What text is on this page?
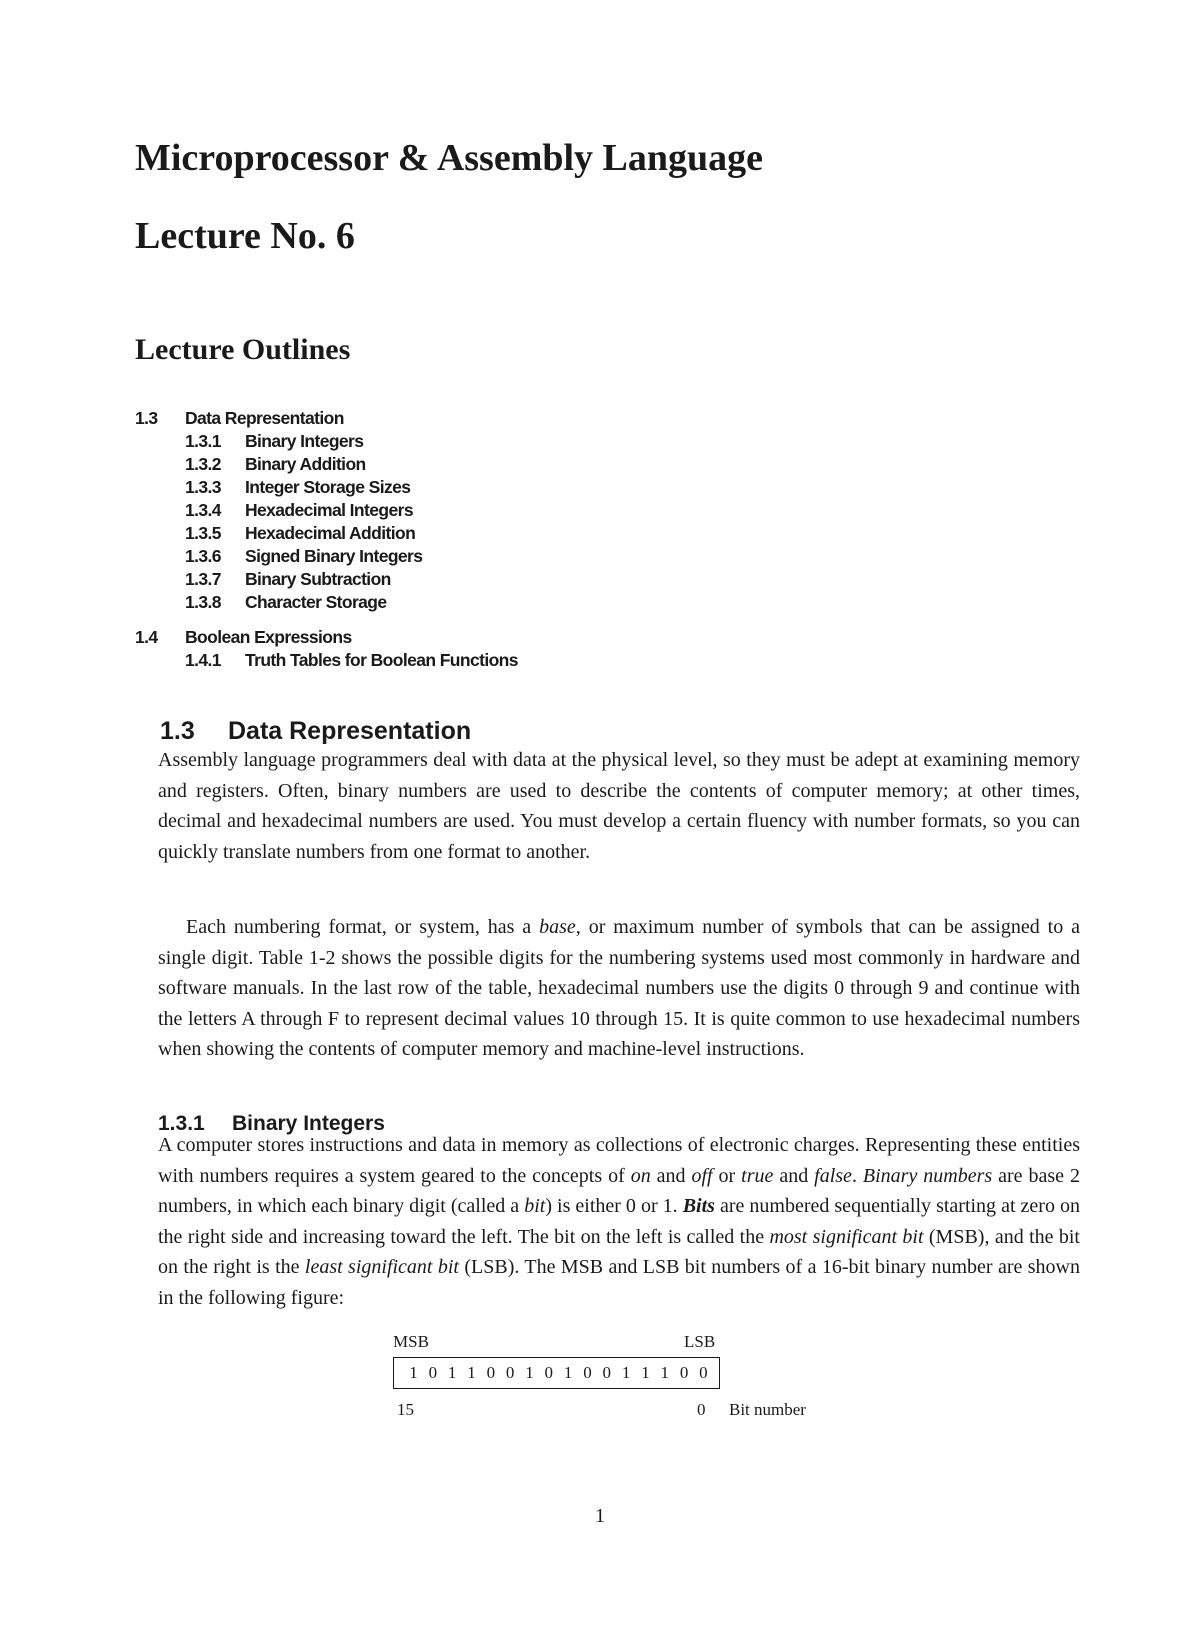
Microprocessor & Assembly Language
Lecture No. 6
Lecture Outlines
1.3 Data Representation
1.3.1 Binary Integers
1.3.2 Binary Addition
1.3.3 Integer Storage Sizes
1.3.4 Hexadecimal Integers
1.3.5 Hexadecimal Addition
1.3.6 Signed Binary Integers
1.3.7 Binary Subtraction
1.3.8 Character Storage
1.4 Boolean Expressions
1.4.1 Truth Tables for Boolean Functions
1.3 Data Representation

Assembly language programmers deal with data at the physical level, so they must be adept at examining memory and registers. Often, binary numbers are used to describe the contents of computer memory; at other times, decimal and hexadecimal numbers are used. You must develop a certain fluency with number formats, so you can quickly translate numbers from one format to another.

Each numbering format, or system, has a base, or maximum number of symbols that can be assigned to a single digit. Table 1-2 shows the possible digits for the numbering systems used most commonly in hardware and software manuals. In the last row of the table, hexadecimal numbers use the digits 0 through 9 and continue with the letters A through F to represent decimal values 10 through 15. It is quite common to use hexadecimal numbers when showing the contents of computer memory and machine-level instructions.

1.3.1 Binary Integers

A computer stores instructions and data in memory as collections of electronic charges. Representing these entities with numbers requires a system geared to the concepts of on and off or true and false. Binary numbers are base 2 numbers, in which each binary digit (called a bit) is either 0 or 1. Bits are numbered sequentially starting at zero on the right side and increasing toward the left. The bit on the left is called the most significant bit (MSB), and the bit on the right is the least significant bit (LSB). The MSB and LSB bit numbers of a 16-bit binary number are shown in the following figure:

MSB	LSB
1 0 1 1 0 0 1 0 1 0 0 1 1 1 0 0
15	0 Bit number
1
